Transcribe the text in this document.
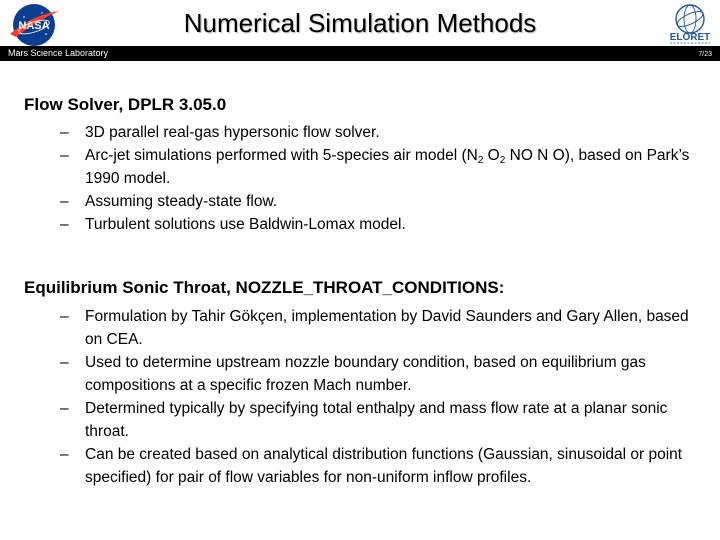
NASA	Numerical Simulation Methods	ELORET
Mars Science Laboratory	7/23
Flow Solver, DPLR 3.05.0
– 3D parallel real-gas hypersonic flow solver.
– Arc-jet simulations performed with 5-species air model ($N_2$ $O_2$ NO N O), based on Park’s 1990 model.
– Assuming steady-state flow.
– Turbulent solutions use Baldwin-Lomax model.
Equilibrium Sonic Throat, NOZZLE_THROAT_CONDITIONS:
– Formulation by Tahir Gökçen, implementation by David Saunders and Gary Allen, based on CEA.
– Used to determine upstream nozzle boundary condition, based on equilibrium gas compositions at a specific frozen Mach number.
– Determined typically by specifying total enthalpy and mass flow rate at a planar sonic throat.
– Can be created based on analytical distribution functions (Gaussian, sinusoidal or point specified) for pair of flow variables for non-uniform inflow profiles.
